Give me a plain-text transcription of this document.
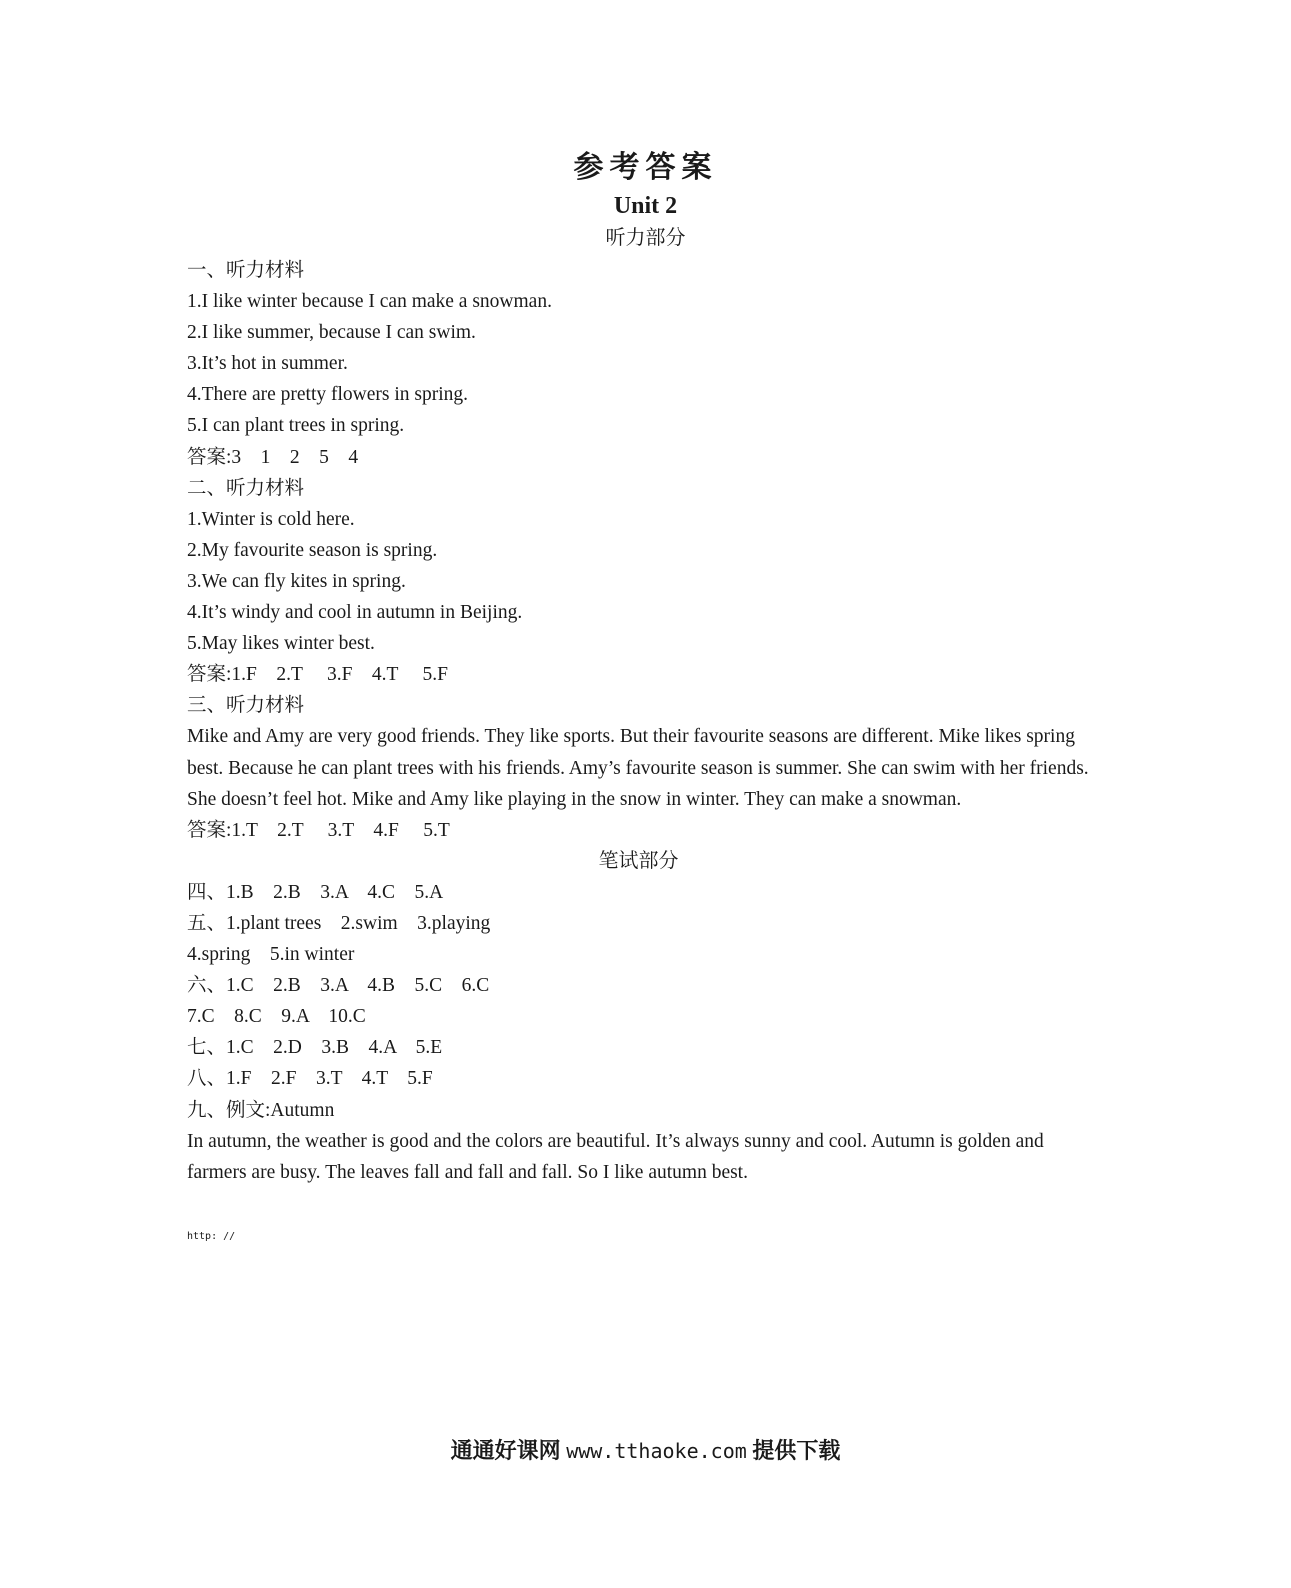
参考答案
Unit 2
听力部分
一、听力材料
1.I like winter because I can make a snowman.
2.I like summer, because I can swim.
3.It’s hot in summer.
4.There are pretty flowers in spring.
5.I can plant trees in spring.
答案:3    1    2    5    4
二、听力材料
1.Winter is cold here.
2.My favourite season is spring.
3.We can fly kites in spring.
4.It’s windy and cool in autumn in Beijing.
5.May likes winter best.
答案:1.F    2.T     3.F    4.T     5.F
三、听力材料
Mike and Amy are very good friends. They like sports. But their favourite seasons are different. Mike likes spring best. Because he can plant trees with his friends. Amy’s favourite season is summer. She can swim with her friends. She doesn’t feel hot. Mike and Amy like playing in the snow in winter. They can make a snowman.
答案:1.T    2.T     3.T    4.F     5.T
笔试部分
四、1.B    2.B    3.A    4.C    5.A
五、1.plant trees    2.swim    3.playing
4.spring    5.in winter
六、1.C    2.B    3.A    4.B    5.C    6.C
7.C    8.C    9.A    10.C
七、1.C    2.D    3.B    4.A    5.E
八、1.F    2.F    3.T    4.T    5.F
九、例文:Autumn
In autumn, the weather is good and the colors are beautiful. It’s always sunny and cool. Autumn is golden and farmers are busy. The leaves fall and fall and fall. So I like autumn best.
http: //
通通好课网 www.tthaoke.com 提供下载
